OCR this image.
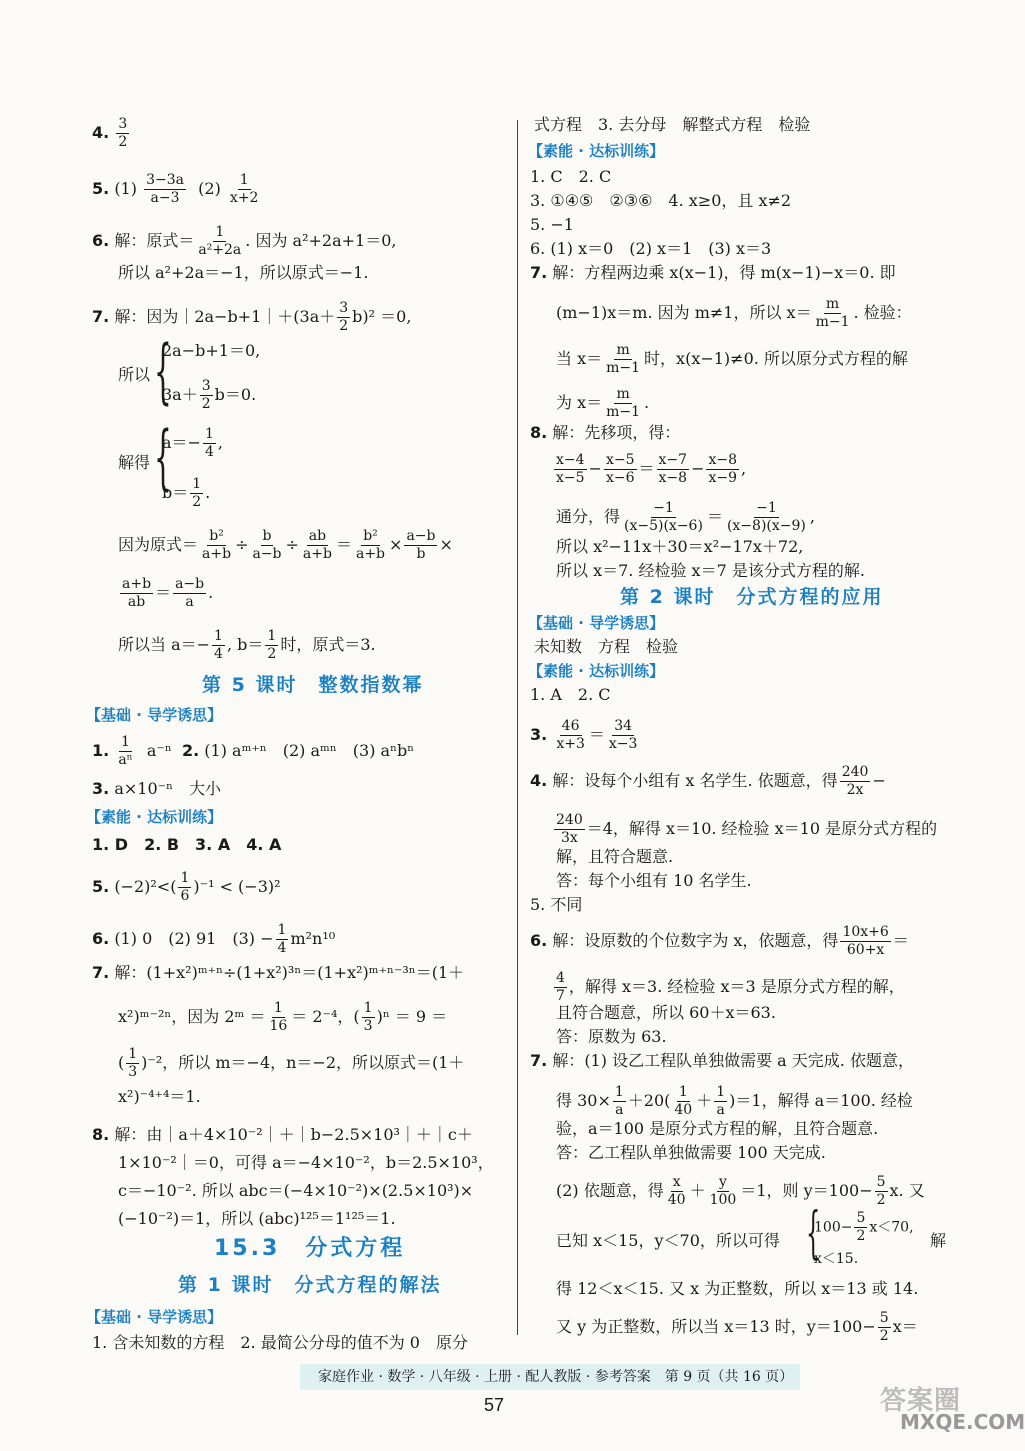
4. $\frac{3}{2}$
5. $(1) \frac{3-3a}{a-3} (2) \frac{1}{x+2}$
6. 解：原式＝ $\frac{1}{\text{a²+2a}}$ . 因为 a²+2a+1＝0,
所以 a²+2a＝−1，所以原式＝−1.
7. 解：因为｜2a−b+1｜＋(3a＋ $\frac{3}{2} b)^2 =0$,
所以 {
2a−b+1＝0,
$3a+ \frac{3}{2} b=0$.
解得 {
$a=- \frac{1}{4}$ ,
$b= \frac{1}{2}$ .
因为原式＝ $\frac{\text{b²}}{a+b} \div \frac{b}{a-b} \div \frac{ab}{a+b} = \frac{\text{b²}}{a+b} \times \frac{a-b}{b}$ ×
$\frac{a+b}{ab} = \frac{a-b}{a}$ .
所以当 $a=- \frac{1}{4}$ , $b= \frac{1}{2}$ 时，原式＝3.
第 5 课时　整数指数幂
【基础 · 导学诱思】
1. $\frac{1}{\text{aⁿ}} a^{-n}$ 2. (1) aᵐ⁺ⁿ　(2) aᵐⁿ　(3) aⁿbⁿ
3. a×10⁻ⁿ　大小
【素能 · 达标训练】
1. D　2. B　3. A　4. A
5. $(-2)^2<( \frac{1}{6} )^{-1} < (-3)^2$
6. (1) 0　(2) 91　$(3) - \frac{1}{4} m^2n^{10}$
7. 解：(1+x²)ᵐ⁺ⁿ÷(1+x²)³ⁿ＝(1+x²)ᵐ⁺ⁿ⁻³ⁿ＝(1＋
x²)ᵐ⁻²ⁿ，因为 2ᵐ ＝ $\frac{1}{16} = 2^{-4}$，( $\frac{1}{3} )^n = 9$ ＝
( $\frac{1}{3} )^{-2}$，所以 m＝−4，n＝−2，所以原式＝(1＋
x²)⁻⁴⁺⁴＝1.
8. 解：由｜a＋4×10⁻²｜＋｜b−2.5×10³｜＋｜c＋
1×10⁻²｜＝0，可得 a＝−4×10⁻²，b＝2.5×10³，
c＝−10⁻². 所以 abc＝(−4×10⁻²)×(2.5×10³)×
(−10⁻²)＝1，所以 (abc)¹²⁵＝1¹²⁵＝1.
15.3　分式方程
第 1 课时　分式方程的解法
【基础 · 导学诱思】
1. 含未知数的方程　2. 最简公分母的值不为 0　原分
式方程　3. 去分母　解整式方程　检验
【素能 · 达标训练】
1. C　2. C
3. ①④⑤　②③⑥　4. x≥0，且 x≠2
5. −1
6. (1) x＝0　(2) x＝1　(3) x＝3
7. 解：方程两边乘 x(x−1)，得 m(x−1)−x＝0. 即
(m−1)x＝m. 因为 m≠1，所以 $x= \frac{m}{m-1}$ . 检验：
当 $x= \frac{m}{m-1}$ 时，x(x−1)≠0. 所以原分式方程的解
为 $x= \frac{m}{m-1}$ .
8. 解：先移项，得：
$\frac{x-4}{x-5} - \frac{x-5}{x-6} = \frac{x-7}{x-8} - \frac{x-8}{x-9}$ ,
通分，得 $\frac{-1}{(x-5)(x-6)} = \frac{-1}{(x-8)(x-9)}$ ,
所以 x²−11x＋30＝x²−17x＋72,
所以 x＝7. 经检验 x＝7 是该分式方程的解.
第 2 课时　分式方程的应用
【基础 · 导学诱思】
未知数　方程　检验
【素能 · 达标训练】
1. A　2. C
3. $\frac{46}{x+3} = \frac{34}{x-3}$
4. 解：设每个小组有 x 名学生. 依题意，得 $\frac{240}{2x}$ −
$\frac{240}{3x} =4$，解得 x＝10. 经检验 x＝10 是原分式方程的
解，且符合题意.
答：每个小组有 10 名学生.
5. 不同
6. 解：设原数的个位数字为 x，依题意，得 $\frac{10x+6}{60+x}$ ＝
$\frac{4}{7}$ ，解得 x＝3. 经检验 x＝3 是原分式方程的解，
且符合题意，所以 60＋x＝63.
答：原数为 63.
7. 解：(1) 设乙工程队单独做需要 a 天完成. 依题意，
得 $30\times \frac{1}{a} +20( \frac{1}{40} + \frac{1}{a} )=1$，解得 a＝100. 经检
验，a＝100 是原分式方程的解，且符合题意.
答：乙工程队单独做需要 100 天完成.
(2) 依题意，得 $\frac{x}{40} + \frac{y}{100} =1$，则 $y=100- \frac{5}{2} x$. 又
已知 x＜15，y＜70，所以可得 {
$100- \frac{5}{2} x<70$,
x＜15.
解
得 12＜x＜15. 又 x 为正整数，所以 x＝13 或 14.
又 y 为正整数，所以当 x＝13 时，$y=100- \frac{5}{2} x=$
家庭作业 · 数学 · 八年级 · 上册 · 配人教版 · 参考答案　第 9 页（共 16 页）
57	答案圈
MXQE.COM
